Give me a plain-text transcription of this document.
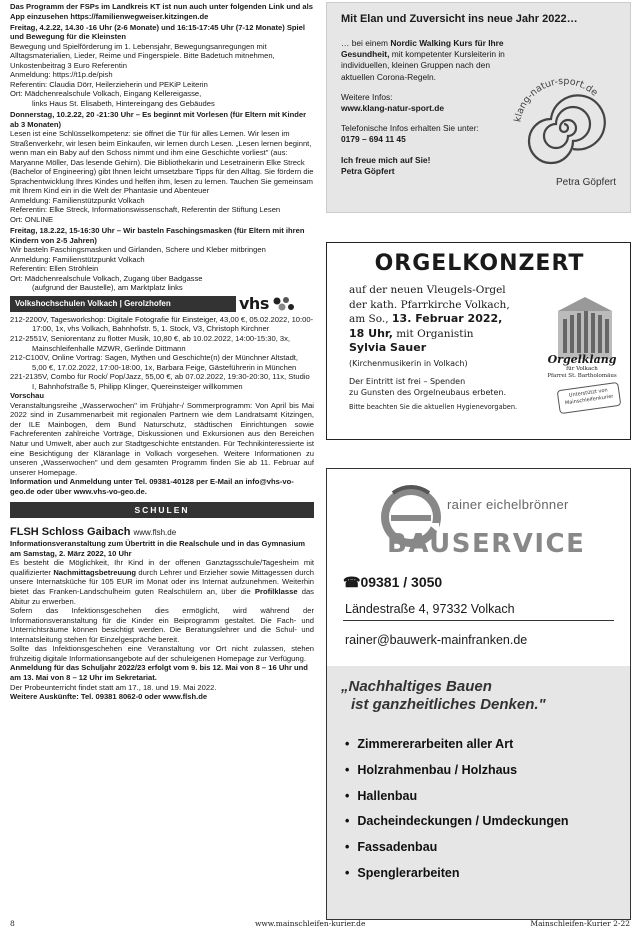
Das Programm der FSPs im Landkreis KT ist nun auch unter folgenden Link und als App einzusehen https://familienwegweiser.kitzingen.de

Freitag, 4.2.22, 14.30 -16 Uhr (2-6 Monate) und 16:15-17:45 Uhr (7-12 Monate) Spiel und Bewegung für die Kleinsten

Bewegung und Spielförderung im 1. Lebensjahr, Bewegungsanregungen mit Alltagsmaterialien, Lieder, Reime und Fingerspiele. Bitte Badetuch mitnehmen, Unkostenbeitrag 3 Euro Referentin

Anmeldung: https://t1p.de/pish

Referentin: Claudia Dörr, Heilerzieherin und PEKiP Leiterin

Ort: Mädchenrealschule Volkach, Eingang Kellereigasse,

links Haus St. Elisabeth, Hintereingang des Gebäudes

Donnerstag, 10.2.22, 20 -21:30 Uhr – Es beginnt mit Vorlesen (für Eltern mit Kinder ab 3 Monaten)

Lesen ist eine Schlüsselkompetenz: sie öffnet die Tür für alles Lernen. Wir lesen im Straßenverkehr, wir lesen beim Einkaufen, wir lernen durch Lesen. „Lesen lernen beginnt, wenn man ein Baby auf den Schoss nimmt und ihm eine Geschichte vorliest" (aus: Maryanne Möller, Das lesende Gehirn). Die Bibliothekarin und Lesetrainerin Elke Streck (Bachelor of Engineering) gibt Ihnen leicht umsetzbare Tipps für den Alltag. Sie fördern die Sprachentwicklung Ihres Kindes und helfen ihm, lesen zu lernen. Tauchen Sie gemeinsam mit Ihrem Kind ein in die Welt der Phantasie und Abenteuer

Anmeldung: Familienstützpunkt Volkach

Referentin: Elke Streck, Informationswissenschaft, Referentin der Stiftung Lesen

Ort: ONLINE

Freitag, 18.2.22, 15-16:30 Uhr – Wir basteln Faschingsmasken (für Eltern mit ihren Kindern von 2-5 Jahren)

Wir basteln Faschingsmasken und Girlanden, Schere und Kleber mitbringen

Anmeldung: Familienstützpunkt Volkach

Referentin: Ellen Ströhlein

Ort: Mädchenrealschule Volkach, Zugang über Badgasse

(aufgrund der Baustelle), am Marktplatz links

Volkshochschulen Volkach | Gerolzhofen	vhs

212-2200V, Tagesworkshop: Digitale Fotografie für Einsteiger, 43,00 €, 05.02.2022, 10:00-17:00, 1x, vhs Volkach, Bahnhofstr. 5, 1. Stock, V3, Christoph Kirchner

212-2551V, Seniorentanz zu flotter Musik, 10,80 €, ab 10.02.2022, 14:00-15:30, 3x, Mainschleifenhalle MZWR, Gerlinde Dittmann

212-C100V, Online Vortrag: Sagen, Mythen und Geschichte(n) der Münchner Altstadt, 5,00 €, 17.02.2022, 17:00-18:00, 1x, Barbara Feige, Gästeführerin in München

221-2135V, Combo für Rock/ Pop/Jazz, 55,00 €, ab 07.02.2022, 19:30-20:30, 11x, Studio I, Bahnhofstraße 5, Philipp Klinger, Quereinsteiger willkommen

Vorschau

Veranstaltungsreihe „Wasserwochen" im Frühjahr-/ Sommerprogramm: Von April bis Mai 2022 sind in Zusammenarbeit mit regionalen Partnern wie dem Landratsamt Kitzingen, der ILE Mainbogen, dem Bund Naturschutz, städtischen Einrichtungen sowie Fachreferenten zahlreiche Vorträge, Diskussionen und Exkursionen aus den Bereichen Natur und Umwelt, aber auch zur Stadtgeschichte entstanden. Für Technikinteressierte ist eine Besichtigung der Kläranlage in Volkach vorgesehen. Weitere Informationen zu unseren „Wasserwochen" und dem gesamten Programm finden Sie ab 11. Februar auf unserer Homepage.

Information und Anmeldung unter Tel. 09381-40128 per E-Mail an info@vhs-vo-geo.de oder über www.vhs-vo-geo.de.

SCHULEN

FLSH Schloss Gaibach www.flsh.de

Informationsveranstaltung zum Übertritt in die Realschule und in das Gymnasium am Samstag, 2. März 2022, 10 Uhr

Es besteht die Möglichkeit, Ihr Kind in der offenen Ganztagsschule/Tagesheim mit qualifizierter Nachmittagsbetreuung durch Lehrer und Erzieher sowie Mittagessen durch unsere Internatsküche für 105 EUR im Monat oder ins Internat aufzunehmen. Weiterhin bietet das Franken-Landschulheim guten Realschülern an, über die Profilklasse das Abitur zu erwerben.

Sofern das Infektionsgeschehen dies ermöglicht, wird während der Informationsveranstaltung für die Kinder ein Beiprogramm gestaltet. Die Fach- und Unterrichtsräume können besichtigt werden. Die Beratungslehrer und die Schul- und Internatsleitung stehen für Einzelgespräche bereit.

Sollte das Infektionsgeschehen eine Veranstaltung vor Ort nicht zulassen, stehen frühzeitig digitale Informationsangebote auf der schuleigenen Homepage zur Verfügung.

Anmeldung für das Schuljahr 2022/23 erfolgt vom 9. bis 12. Mai von 8 – 16 Uhr und am 13. Mai von 8 – 12 Uhr im Sekretariat.

Der Probeunterricht findet statt am 17., 18. und 19. Mai 2022.

Weitere Auskünfte: Tel. 09381 8062-0 oder www.flsh.de

Mit Elan und Zuversicht ins neue Jahr 2022…

… bei einem Nordic Walking Kurs für Ihre Gesundheit, mit kompetenter Kursleiterin in individuellen, kleinen Gruppen nach den aktuellen Corona-Regeln.

Weitere Infos:
www.klang-natur-sport.de

Telefonische Infos erhalten Sie unter:
0179 – 694 11 45

Ich freue mich auf Sie!
Petra Göpfert

klang-natur-sport.de
Petra Göpfert
ORGELKONZERT
auf der neuen Vleugels-Orgel
der kath. Pfarrkirche Volkach,
am So., 13. Februar 2022,
18 Uhr, mit Organistin
Sylvia Sauer
(Kirchenmusikerin in Volkach)
Der Eintritt ist frei – Spenden
zu Gunsten des Orgelneubaus erbeten.
Bitte beachten Sie die aktuellen Hygienevorgaben.
Orgelklang
für Volkach
Pfarrei St. Bartholomäus
Unterstützt von Mainschleifenkurier
rainer eichelbrönner
BAUSERVICE
☎09381 / 3050
Ländestraße 4, 97332 Volkach
rainer@bauwerk-mainfranken.de
„Nachhaltiges Bauen
ist ganzheitliches Denken."
• Zimmererarbeiten aller Art
• Holzrahmenbau / Holzhaus
• Hallenbau
• Dacheindeckungen / Umdeckungen
• Fassadenbau
• Spenglerarbeiten
8	www.mainschleifen-kurier.de	Mainschleifen-Kurier 2-22
